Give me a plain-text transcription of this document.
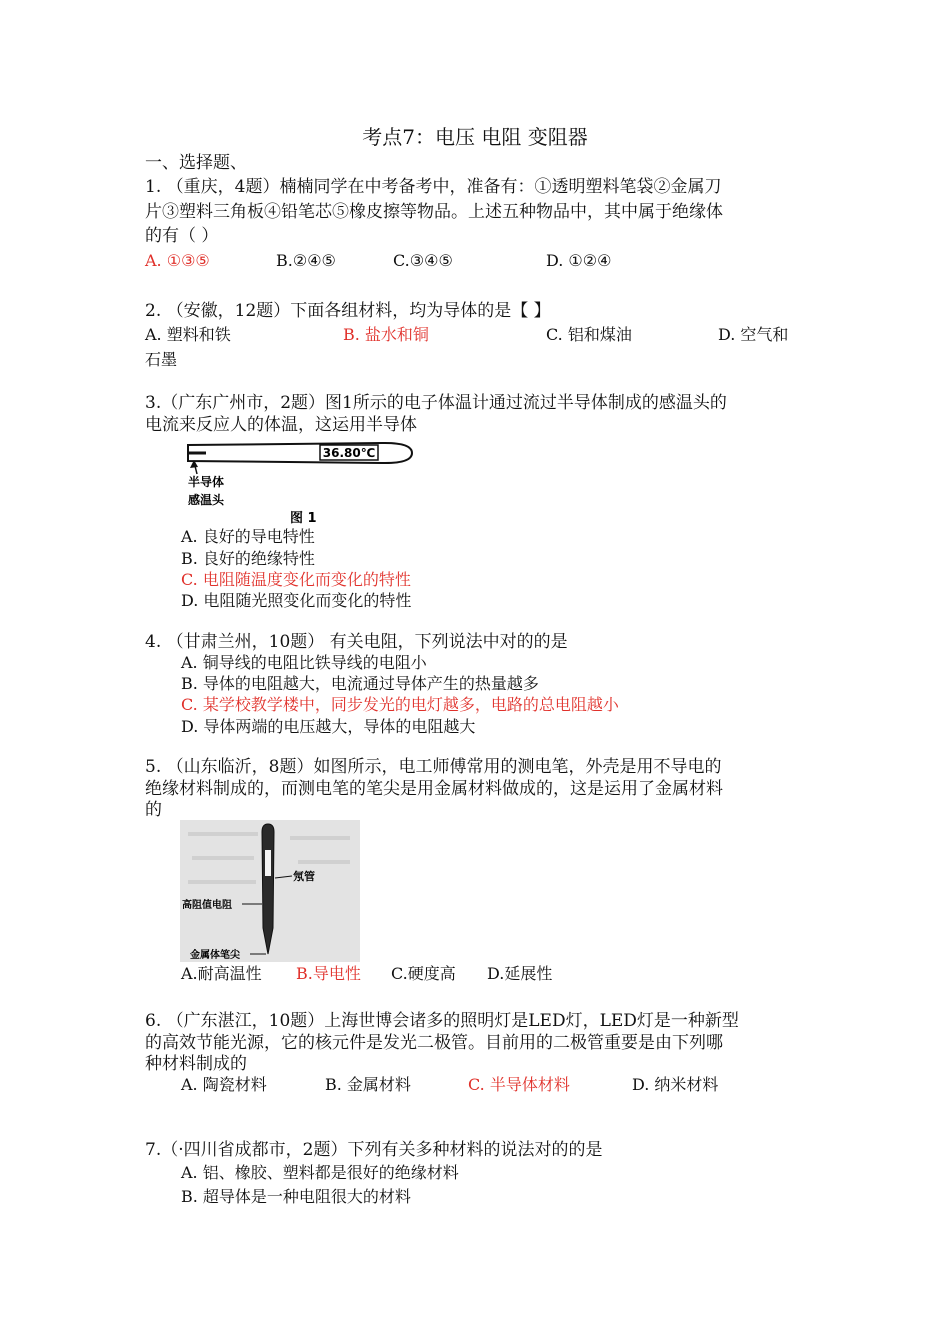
考点7：电压 电阻 变阻器
一、选择题、
1. （重庆，4题）楠楠同学在中考备考中，准备有：①透明塑料笔袋②金属刀
片③塑料三角板④铅笔芯⑤橡皮擦等物品。上述五种物品中，其中属于绝缘体
的有（ ）
A. ①③⑤	B.②④⑤	C.③④⑤	D. ①②④
2. （安徽，12题）下面各组材料，均为导体的是【 】
A. 塑料和铁	B. 盐水和铜	C. 铝和煤油	D. 空气和
石墨
3.（广东广州市，2题）图1所示的电子体温计通过流过半导体制成的感温头的
电流来反应人的体温，这运用半导体
36.80℃
半导体
感温头
图 1
A. 良好的导电特性
B. 良好的绝缘特性
C. 电阻随温度变化而变化的特性
D. 电阻随光照变化而变化的特性
4. （甘肃兰州，10题） 有关电阻，下列说法中对的的是
A. 铜导线的电阻比铁导线的电阻小
B. 导体的电阻越大，电流通过导体产生的热量越多
C. 某学校教学楼中，同步发光的电灯越多，电路的总电阻越小
D. 导体两端的电压越大，导体的电阻越大
5. （山东临沂，8题）如图所示，电工师傅常用的测电笔，外壳是用不导电的
绝缘材料制成的，而测电笔的笔尖是用金属材料做成的，这是运用了金属材料
的
氖管
高阻值电阻
金属体笔尖
A.耐高温性 B.导电性 C.硬度高 D.延展性
6. （广东湛江，10题）上海世博会诸多的照明灯是LED灯，LED灯是一种新型
的高效节能光源，它的核元件是发光二极管。目前用的二极管重要是由下列哪
种材料制成的
A. 陶瓷材料	B. 金属材料	C. 半导体材料	D. 纳米材料
7.（·四川省成都市，2题）下列有关多种材料的说法对的的是
A. 铝、橡胶、塑料都是很好的绝缘材料
B. 超导体是一种电阻很大的材料
